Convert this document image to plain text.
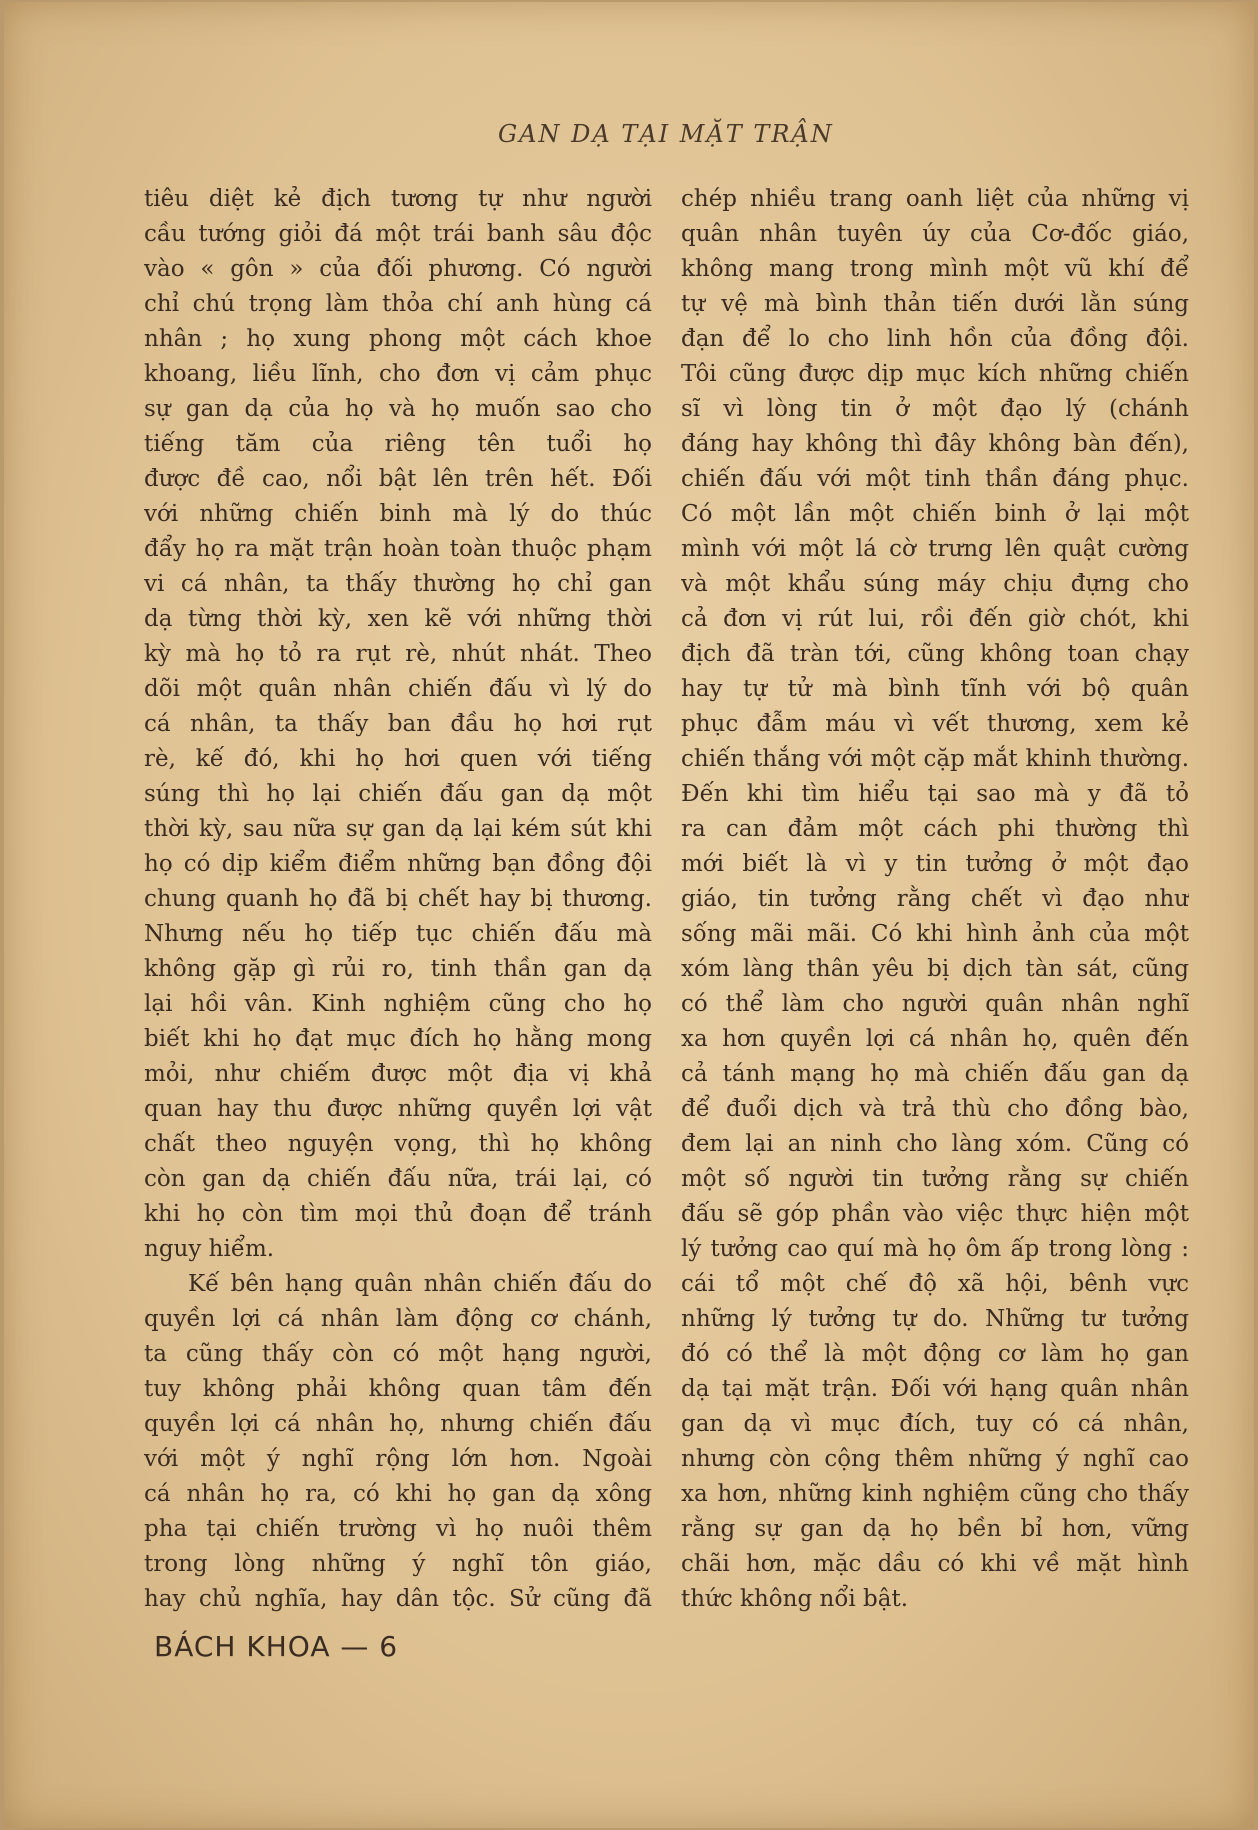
GAN DẠ TẠI MẶT TRẬN
tiêu diệt kẻ địch tương tự như người
cầu tướng giỏi đá một trái banh sâu độc
vào « gôn » của đối phương. Có người
chỉ chú trọng làm thỏa chí anh hùng cá
nhân ; họ xung phong một cách khoe
khoang, liều lĩnh, cho đơn vị cảm phục
sự gan dạ của họ và họ muốn sao cho
tiếng tăm của riêng tên tuổi họ
được đề cao, nổi bật lên trên hết. Đối
với những chiến binh mà lý do thúc
đẩy họ ra mặt trận hoàn toàn thuộc phạm
vi cá nhân, ta thấy thường họ chỉ gan
dạ từng thời kỳ, xen kẽ với những thời
kỳ mà họ tỏ ra rụt rè, nhút nhát. Theo
dõi một quân nhân chiến đấu vì lý do
cá nhân, ta thấy ban đầu họ hơi rụt
rè, kế đó, khi họ hơi quen với tiếng
súng thì họ lại chiến đấu gan dạ một
thời kỳ, sau nữa sự gan dạ lại kém sút khi
họ có dịp kiểm điểm những bạn đồng đội
chung quanh họ đã bị chết hay bị thương.
Nhưng nếu họ tiếp tục chiến đấu mà
không gặp gì rủi ro, tinh thần gan dạ
lại hồi vân. Kinh nghiệm cũng cho họ
biết khi họ đạt mục đích họ hằng mong
mỏi, như chiếm được một địa vị khả
quan hay thu được những quyền lợi vật
chất theo nguyện vọng, thì họ không
còn gan dạ chiến đấu nữa, trái lại, có
khi họ còn tìm mọi thủ đoạn để tránh
nguy hiểm.
Kế bên hạng quân nhân chiến đấu do
quyền lợi cá nhân làm động cơ chánh,
ta cũng thấy còn có một hạng người,
tuy không phải không quan tâm đến
quyền lợi cá nhân họ, nhưng chiến đấu
với một ý nghĩ rộng lớn hơn. Ngoài
cá nhân họ ra, có khi họ gan dạ xông
pha tại chiến trường vì họ nuôi thêm
trong lòng những ý nghĩ tôn giáo,
hay chủ nghĩa, hay dân tộc. Sử cũng đã
chép nhiều trang oanh liệt của những vị
quân nhân tuyên úy của Cơ-đốc giáo,
không mang trong mình một vũ khí để
tự vệ mà bình thản tiến dưới lằn súng
đạn để lo cho linh hồn của đồng đội.
Tôi cũng được dịp mục kích những chiến
sĩ vì lòng tin ở một đạo lý (chánh
đáng hay không thì đây không bàn đến),
chiến đấu với một tinh thần đáng phục.
Có một lần một chiến binh ở lại một
mình với một lá cờ trưng lên quật cường
và một khẩu súng máy chịu đựng cho
cả đơn vị rút lui, rồi đến giờ chót, khi
địch đã tràn tới, cũng không toan chạy
hay tự tử mà bình tĩnh với bộ quân
phục đẫm máu vì vết thương, xem kẻ
chiến thắng với một cặp mắt khinh thường.
Đến khi tìm hiểu tại sao mà y đã tỏ
ra can đảm một cách phi thường thì
mới biết là vì y tin tưởng ở một đạo
giáo, tin tưởng rằng chết vì đạo như
sống mãi mãi. Có khi hình ảnh của một
xóm làng thân yêu bị dịch tàn sát, cũng
có thể làm cho người quân nhân nghĩ
xa hơn quyền lợi cá nhân họ, quên đến
cả tánh mạng họ mà chiến đấu gan dạ
để đuổi dịch và trả thù cho đồng bào,
đem lại an ninh cho làng xóm. Cũng có
một số người tin tưởng rằng sự chiến
đấu sẽ góp phần vào việc thực hiện một
lý tưởng cao quí mà họ ôm ấp trong lòng :
cái tổ một chế độ xã hội, bênh vực
những lý tưởng tự do. Những tư tưởng
đó có thể là một động cơ làm họ gan
dạ tại mặt trận. Đối với hạng quân nhân
gan dạ vì mục đích, tuy có cá nhân,
nhưng còn cộng thêm những ý nghĩ cao
xa hơn, những kinh nghiệm cũng cho thấy
rằng sự gan dạ họ bền bỉ hơn, vững
chãi hơn, mặc dầu có khi về mặt hình
thức không nổi bật.
BÁCH KHOA — 6
